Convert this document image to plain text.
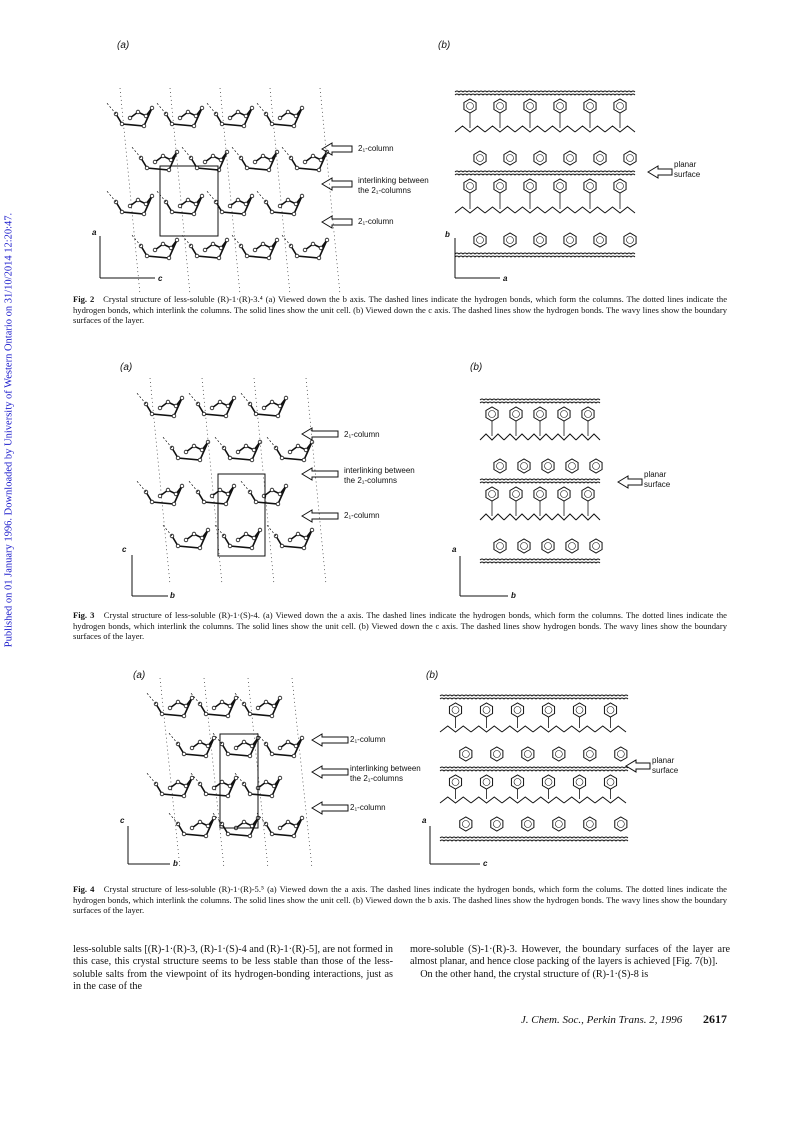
Published on 01 January 1996. Downloaded by University of Western Ontario on 31/10/2014 12:20:47.
(a)	(b)
2₁-column
interlinking between
the 2₁-columns
2₁-column
planar
surface
a
c
b
a
Fig. 2 Crystal structure of less-soluble (R)-1·(R)-3.⁴ (a) Viewed down the b axis. The dashed lines indicate the hydrogen bonds, which form the columns. The dotted lines indicate the hydrogen bonds, which interlink the columns. The solid lines show the unit cell. (b) Viewed down the c axis. The dashed lines show the hydrogen bonds. The wavy lines show the boundary surfaces of the layer.
(a)	(b)
2₁-column
interlinking between
the 2₁-columns
2₁-column
planar
surface
c
b
a
b
Fig. 3 Crystal structure of less-soluble (R)-1·(S)-4. (a) Viewed down the a axis. The dashed lines indicate the hydrogen bonds, which form the columns. The dotted lines indicate the hydrogen bonds, which interlink the columns. The solid lines show the unit cell. (b) Viewed down the c axis. The dashed lines show hydrogen bonds. The wavy lines show the boundary surfaces of the layer.
(a)	(b)
2₁-column
interlinking between
the 2₁-columns
2₁-column
planar
surface
c
b
a
c
Fig. 4 Crystal structure of less-soluble (R)-1·(R)-5.⁵ (a) Viewed down the a axis. The dashed lines indicate the hydrogen bonds, which form the colums. The dotted lines indicate the hydrogen bonds, which interlink the columns. The solid lines show the unit cell. (b) Viewed down the b axis. The dashed lines show the hydrogen bonds. The wavy lines show the boundary surfaces of the layer.
less-soluble salts [(R)-1·(R)-3, (R)-1·(S)-4 and (R)-1·(R)-5], are not formed in this case, this crystal structure seems to be less stable than those of the less-soluble salts from the viewpoint of its hydrogen-bonding interactions, just as in the case of the
more-soluble (S)-1·(R)-3. However, the boundary surfaces of the layer are almost planar, and hence close packing of the layers is achieved [Fig. 7(b)].
 On the other hand, the crystal structure of (R)-1·(S)-8 is
J. Chem. Soc., Perkin Trans. 2, 1996 2617
